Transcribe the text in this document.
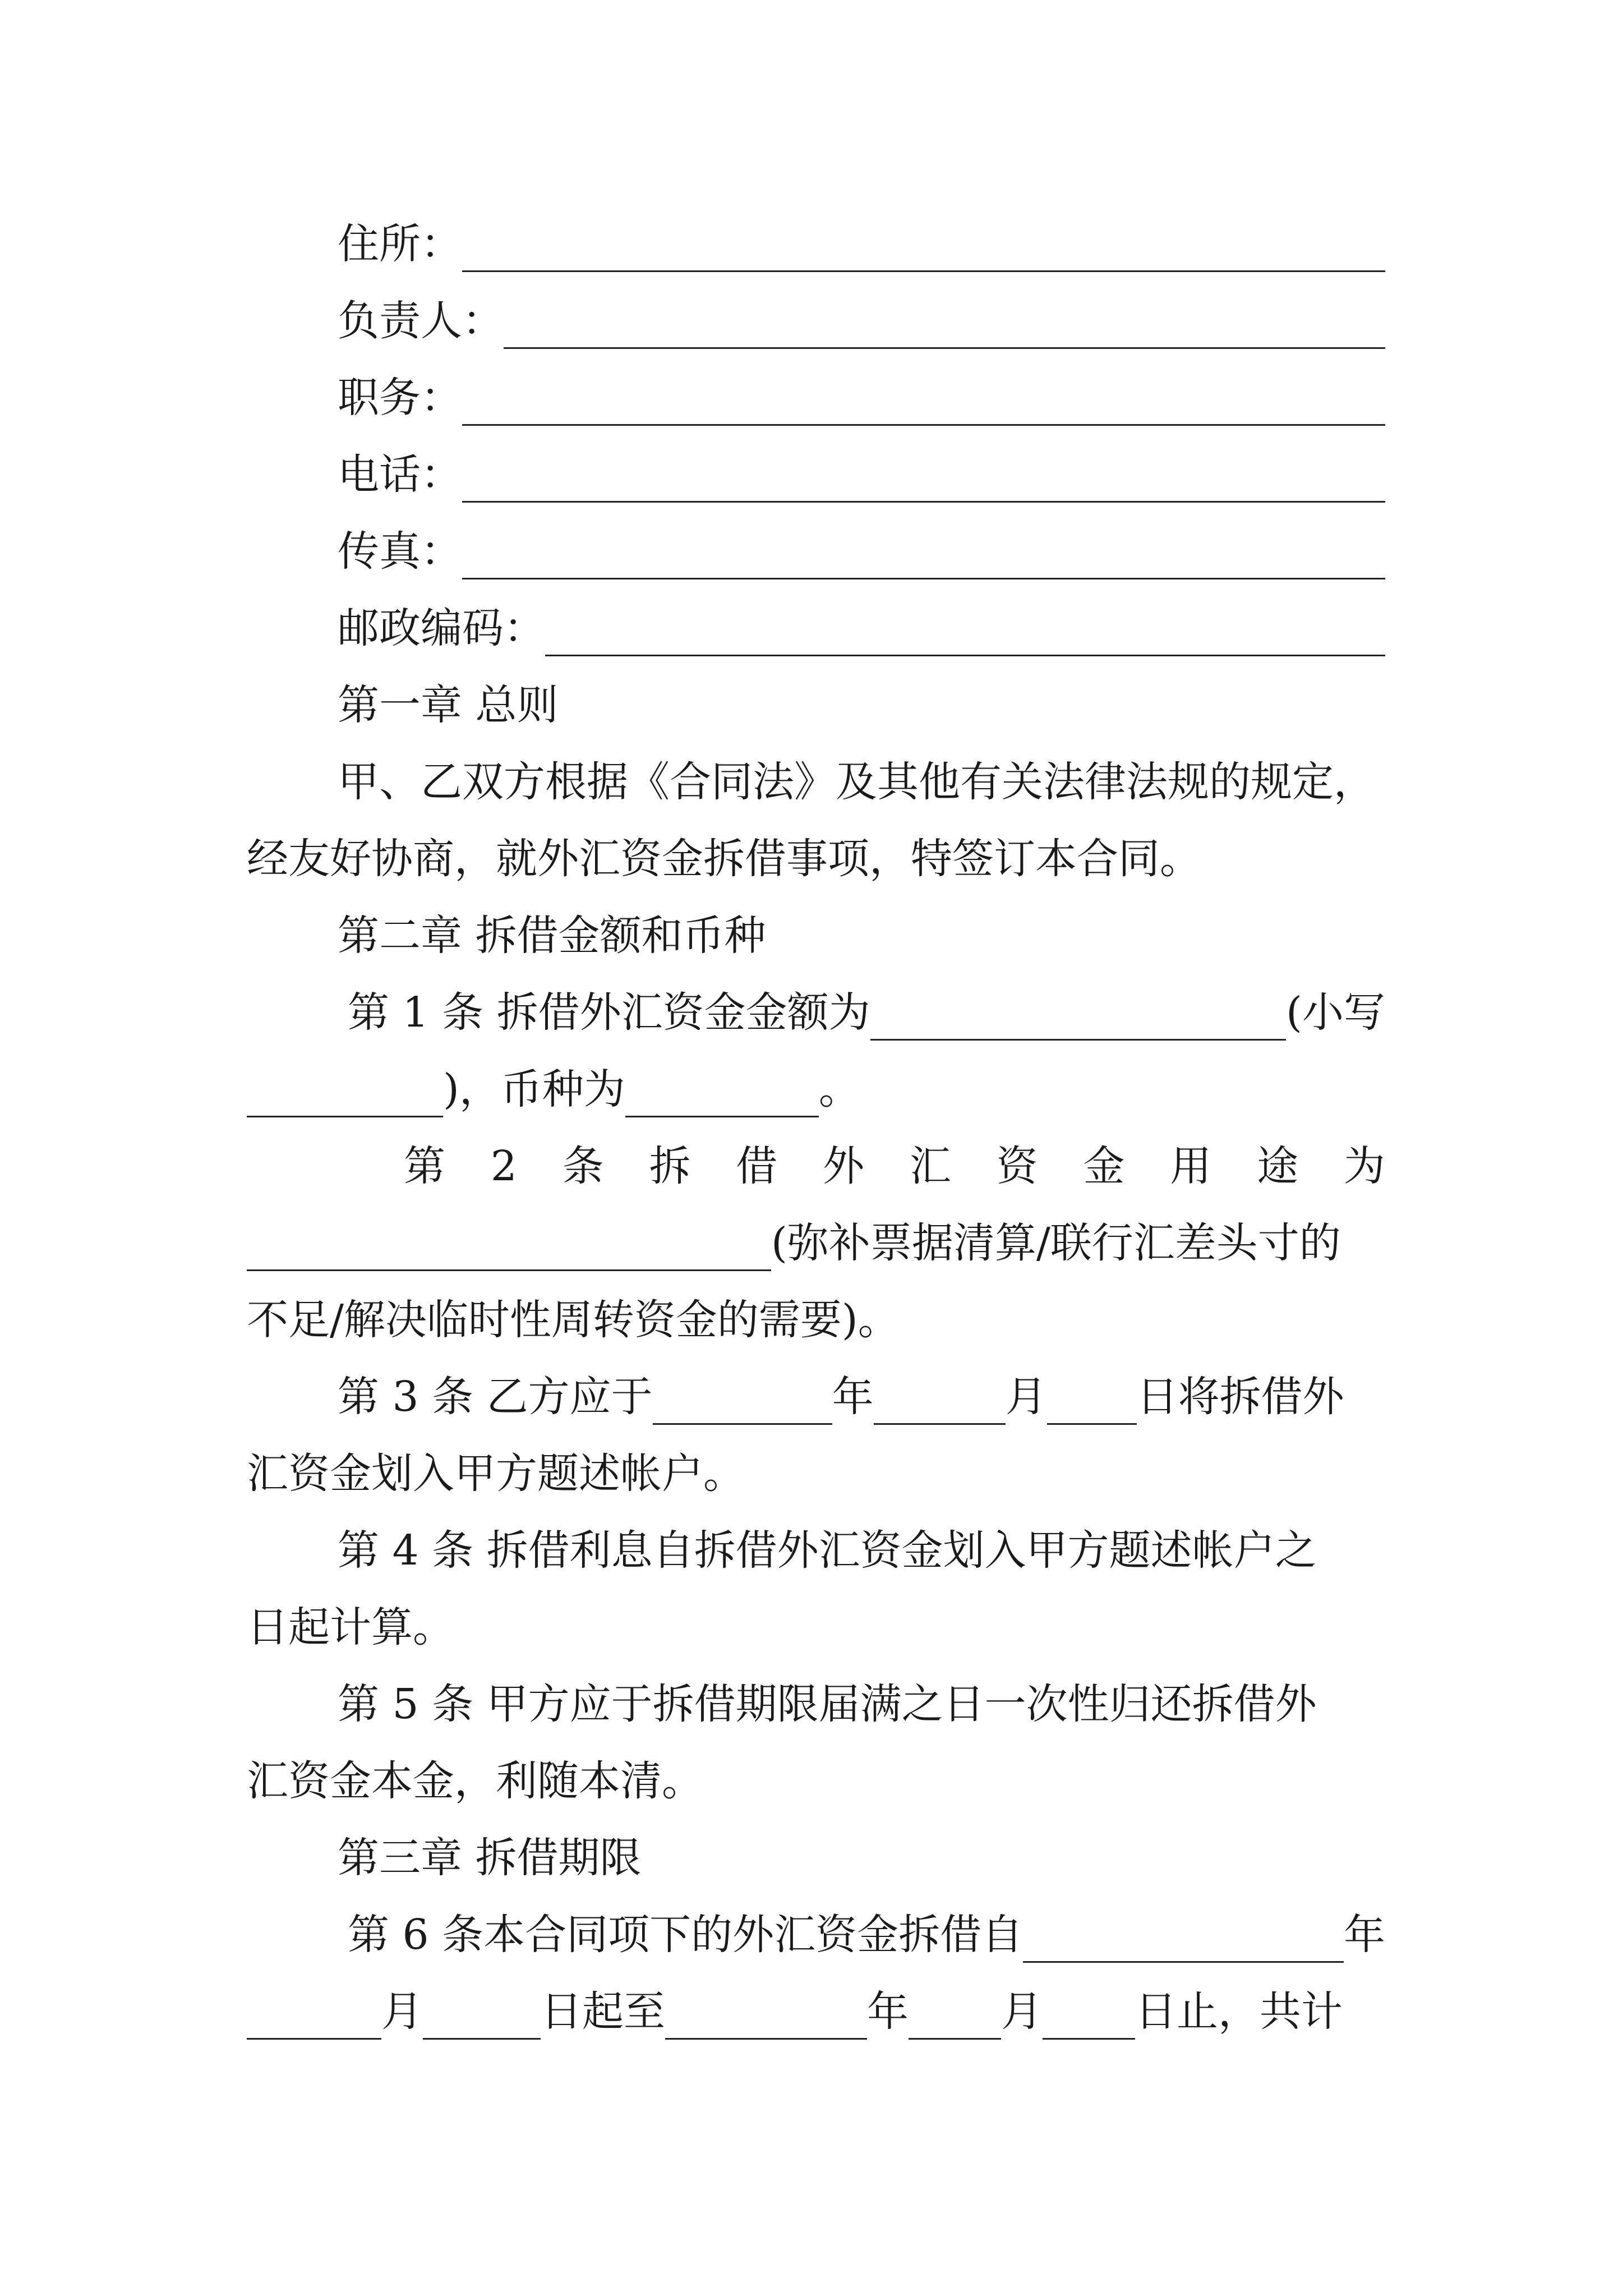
住所：
负责人：
职务：
电话：
传真：
邮政编码：
第一章 总则
甲、乙双方根据《合同法》及其他有关法律法规的规定，
经友好协商，就外汇资金拆借事项，特签订本合同。
第二章 拆借金额和币种
第 1 条 拆借外汇资金金额为	(小写
)，币种为	。
第 2 条 拆 借 外 汇 资 金 用 途 为
(弥补票据清算/联行汇差头寸的
不足/解决临时性周转资金的需要)。
第 3 条 乙方应于	年	月 日将拆借外
汇资金划入甲方题述帐户。
第 4 条 拆借利息自拆借外汇资金划入甲方题述帐户之
日起计算。
第 5 条 甲方应于拆借期限届满之日一次性归还拆借外
汇资金本金，利随本清。
第三章 拆借期限
第 6 条本合同项下的外汇资金拆借自	年
月	日起至	年 月 日止，共计
